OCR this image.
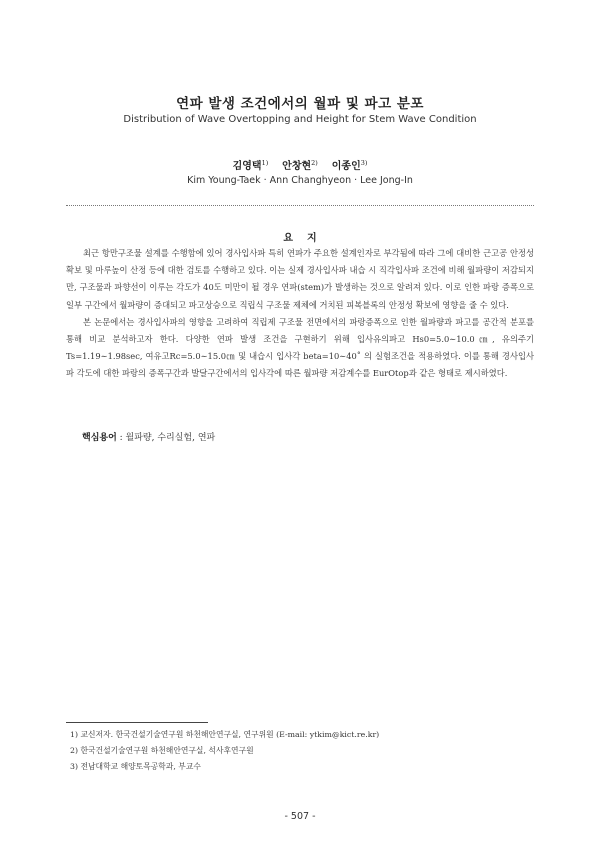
연파 발생 조건에서의 월파 및 파고 분포
Distribution of Wave Overtopping and Height for Stem Wave Condition
김영택$^{1)}$ 안창현$^{2)}$ 이종인$^{3)}$
Kim Young-Taek · Ann Changhyeon · Lee Jong-In
요 지

최근 항만구조물 설계를 수행함에 있어 경사입사파 특히 연파가 주요한 설계인자로 부각됨에 따라 그에 대비한 근고공 안정성 확보 및 마루높이 산정 등에 대한 검토를 수행하고 있다. 이는 실제 경사입사파 내습 시 직각입사파 조건에 비해 월파량이 저감되지만, 구조물과 파향선이 이루는 각도가 40도 미만이 될 경우 연파(stem)가 발생하는 것으로 알려져 있다. 이로 인한 파랑 증폭으로 일부 구간에서 월파량이 증대되고 파고상승으로 직립식 구조물 제체에 거치된 피복블록의 안정성 확보에 영향을 줄 수 있다.

본 논문에서는 경사입사파의 영향을 고려하여 직립제 구조물 전면에서의 파랑증폭으로 인한 월파량과 파고를 공간적 분포를 통해 비교 분석하고자 한다. 다양한 연파 발생 조건을 구현하기 위해 입사유의파고 Hs0=5.0∼10.0㎝, 유의주기 Ts=1.19∼1.98sec, 여유고Rc=5.0∼15.0㎝ 및 내습시 입사각 beta=10∼40˚ 의 실험조건을 적용하였다. 이를 통해 경사입사파 각도에 대한 파랑의 증폭구간과 발달구간에서의 입사각에 따른 월파량 저감계수를 EurOtop과 같은 형태로 제시하였다.

핵심용어 : 월파량, 수리실험, 연파
1) 교신저자. 한국건설기술연구원 하천해안연구실, 연구위원 (E-mail: ytkim@kict.re.kr)
2) 한국건설기술연구원 하천해안연구실, 석사후연구원
3) 전남대학교 해양토목공학과, 부교수
- 507 -
